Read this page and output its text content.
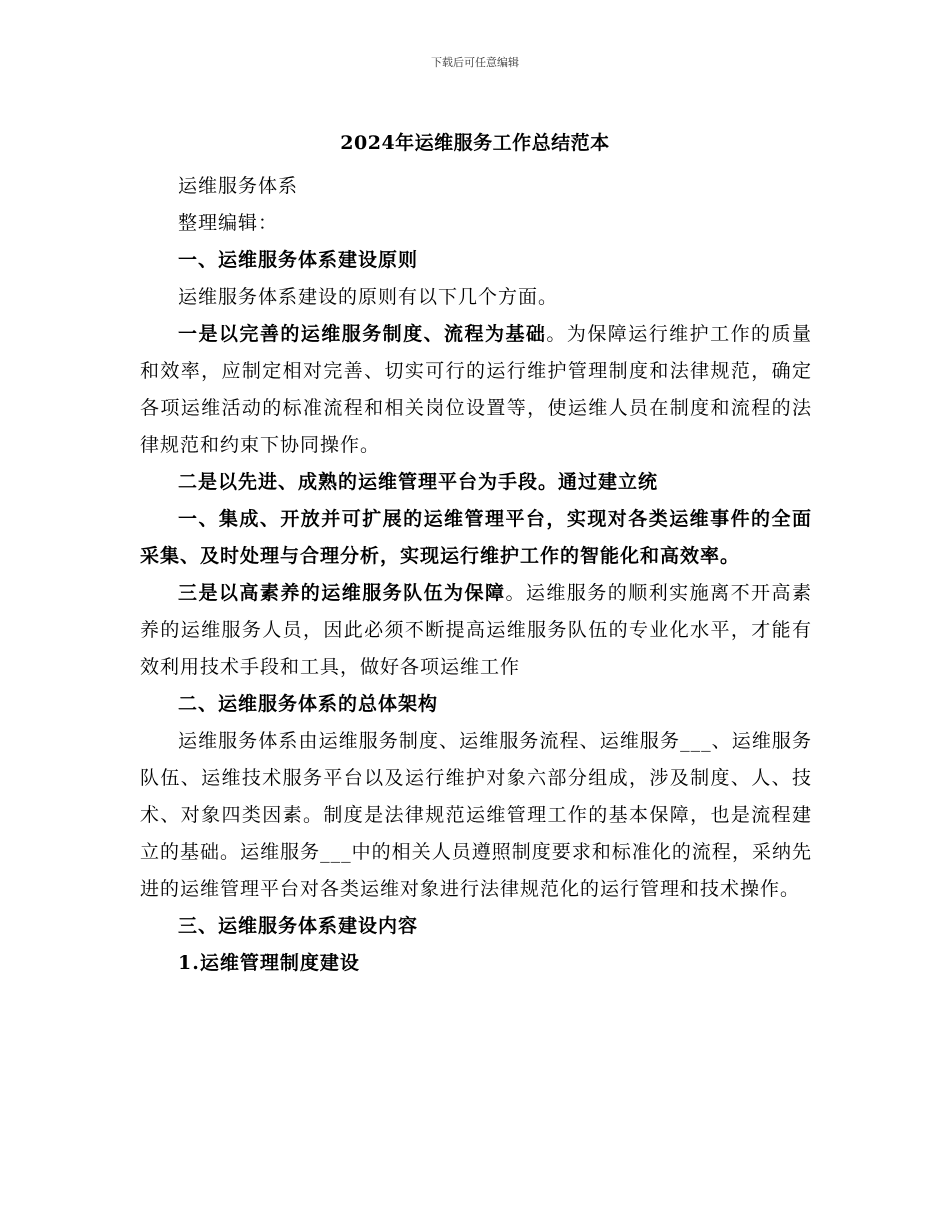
下载后可任意编辑
2024年运维服务工作总结范本

运维服务体系

整理编辑：

一、运维服务体系建设原则

运维服务体系建设的原则有以下几个方面。

一是以完善的运维服务制度、流程为基础。为保障运行维护工作的质量和效率，应制定相对完善、切实可行的运行维护管理制度和法律规范，确定各项运维活动的标准流程和相关岗位设置等，使运维人员在制度和流程的法律规范和约束下协同操作。

二是以先进、成熟的运维管理平台为手段。通过建立统

一、集成、开放并可扩展的运维管理平台，实现对各类运维事件的全面采集、及时处理与合理分析，实现运行维护工作的智能化和高效率。

三是以高素养的运维服务队伍为保障。运维服务的顺利实施离不开高素养的运维服务人员，因此必须不断提高运维服务队伍的专业化水平，才能有效利用技术手段和工具，做好各项运维工作

二、运维服务体系的总体架构

运维服务体系由运维服务制度、运维服务流程、运维服务___、运维服务队伍、运维技术服务平台以及运行维护对象六部分组成，涉及制度、人、技术、对象四类因素。制度是法律规范运维管理工作的基本保障，也是流程建立的基础。运维服务___中的相关人员遵照制度要求和标准化的流程，采纳先进的运维管理平台对各类运维对象进行法律规范化的运行管理和技术操作。

三、运维服务体系建设内容

1.运维管理制度建设
